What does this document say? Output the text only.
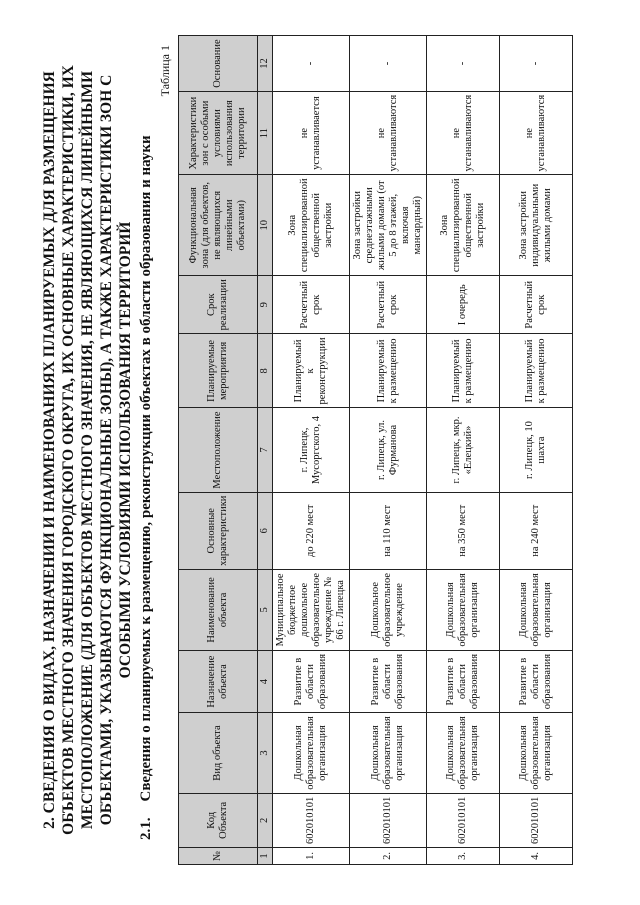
2. СВЕДЕНИЯ О ВИДАХ, НАЗНАЧЕНИИ И НАИМЕНОВАНИЯХ ПЛАНИРУЕМЫХ ДЛЯ РАЗМЕЩЕНИЯ ОБЪЕКТОВ МЕСТНОГО ЗНАЧЕНИЯ ГОРОДСКОГО ОКРУГА, ИХ ОСНОВНЫЕ ХАРАКТЕРИСТИКИ, ИХ МЕСТОПОЛОЖЕНИЕ (ДЛЯ ОБЪЕКТОВ МЕСТНОГО ЗНАЧЕНИЯ, НЕ ЯВЛЯЮЩИХСЯ ЛИНЕЙНЫМИ ОБЪЕКТАМИ, УКАЗЫВАЮТСЯ ФУНКЦИОНАЛЬНЫЕ ЗОНЫ), А ТАКЖЕ ХАРАКТЕРИСТИКИ ЗОН С ОСОБЫМИ УСЛОВИЯМИ ИСПОЛЬЗОВАНИЯ ТЕРРИТОРИЙ
2.1.Сведения о планируемых к размещению, реконструкции объектах в области образования и науки
Таблица 1
№	Код Объекта	Вид объекта	Назначение объекта	Наименование объекта	Основные характеристики	Местоположение	Планируемые мероприятия	Срок реализации	Функциональная зона (для объектов, не являющихся линейными объектами)	Характеристики зон с особыми условиями использования территории	Основание
1	2	3	4	5	6	7	8	9	10	11	12
1.	602010101	Дошкольная образовательная организация	Развитие в области образования	Муниципальное бюджетное дошкольное образовательное учреждение № 66 г. Липецка	до 220 мест	г. Липецк, Мусоргского, 4	Планируемый к реконструкции	Расчетный срок	Зона специализированной общественной застройки	не устанавливается	-
2.	602010101	Дошкольная образовательная организация	Развитие в области образования	Дошкольное образовательное учреждение	на 110 мест	г. Липецк, ул. Фурманова	Планируемый к размещению	Расчетный срок	Зона застройки среднеэтажными жилыми домами (от 5 до 8 этажей, включая мансардный)	не устанавливаются	-
3.	602010101	Дошкольная образовательная организация	Развитие в области образования	Дошкольная образовательная организация	на 350 мест	г. Липецк, мкр. «Елецкий»	Планируемый к размещению	I очередь	Зона специализированной общественной застройки	не устанавливаются	-
4.	602010101	Дошкольная образовательная организация	Развитие в области образования	Дошкольная образовательная организация	на 240 мест	г. Липецк, 10 шахта	Планируемый к размещению	Расчетный срок	Зона застройки индивидуальными жилыми домами	не устанавливаются	-
